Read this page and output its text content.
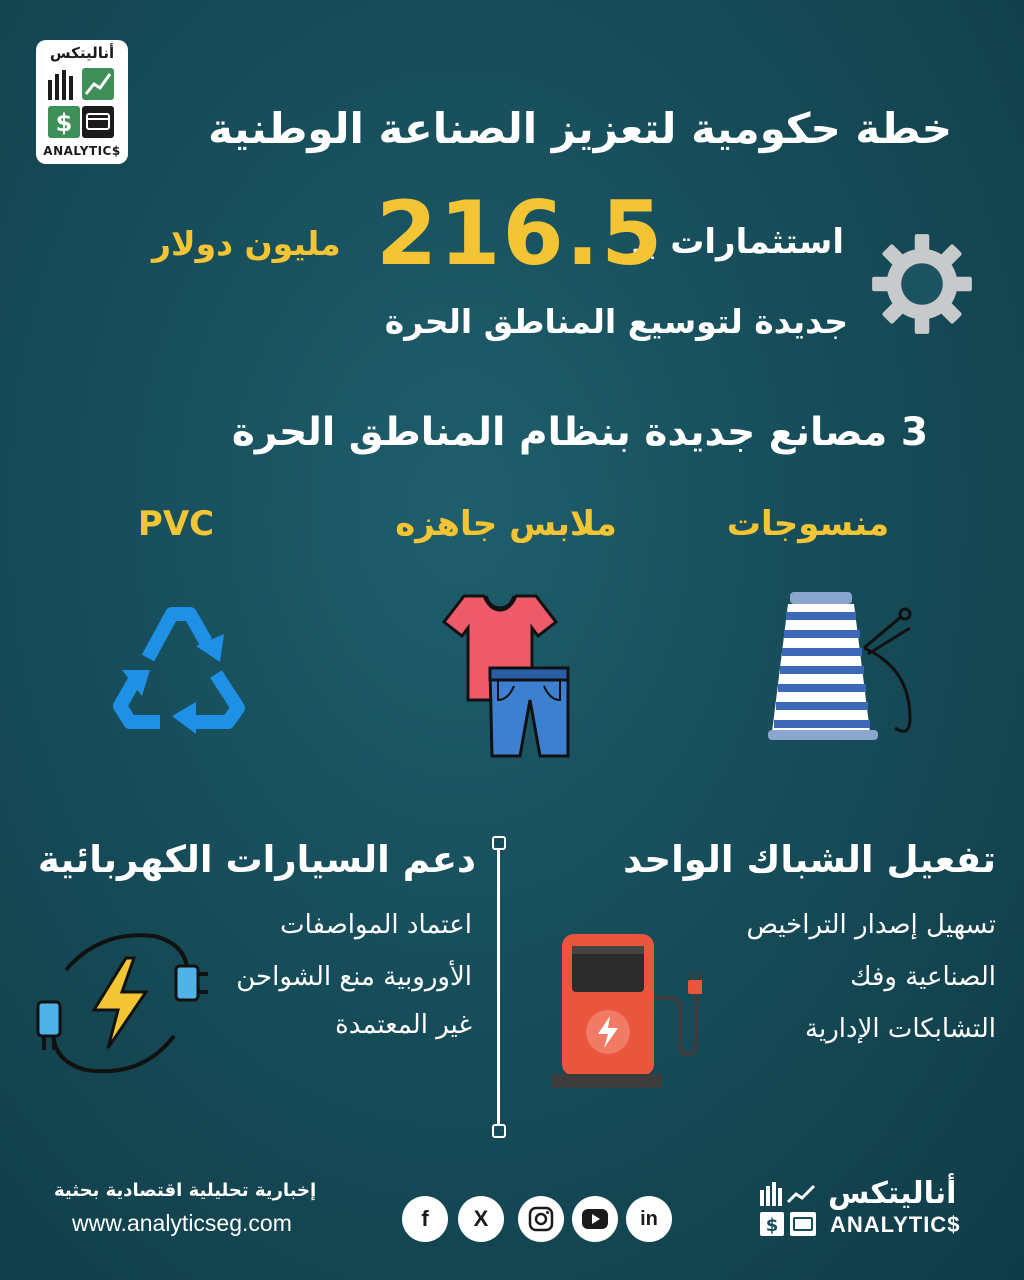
أناليتكس
$
ANALYTIC$ خطة حكومية لتعزيز الصناعة الوطنية
استثمارات بـ
216.5
مليون دولار
جديدة لتوسيع المناطق الحرة
3 مصانع جديدة بنظام المناطق الحرة
منسوجات
ملابس جاهزه
PVC
تفعيل الشباك الواحد
تسهيل إصدار التراخيص
الصناعية وفك
التشابكات الإدارية
دعم السيارات الكهربائية
اعتماد المواصفات
الأوروبية منع الشواحن
غير المعتمدة
إخبارية تحليلية اقتصادية بحثية
www.analyticseg.com	f	X	in	$
أناليتكس
ANALYTIC$
